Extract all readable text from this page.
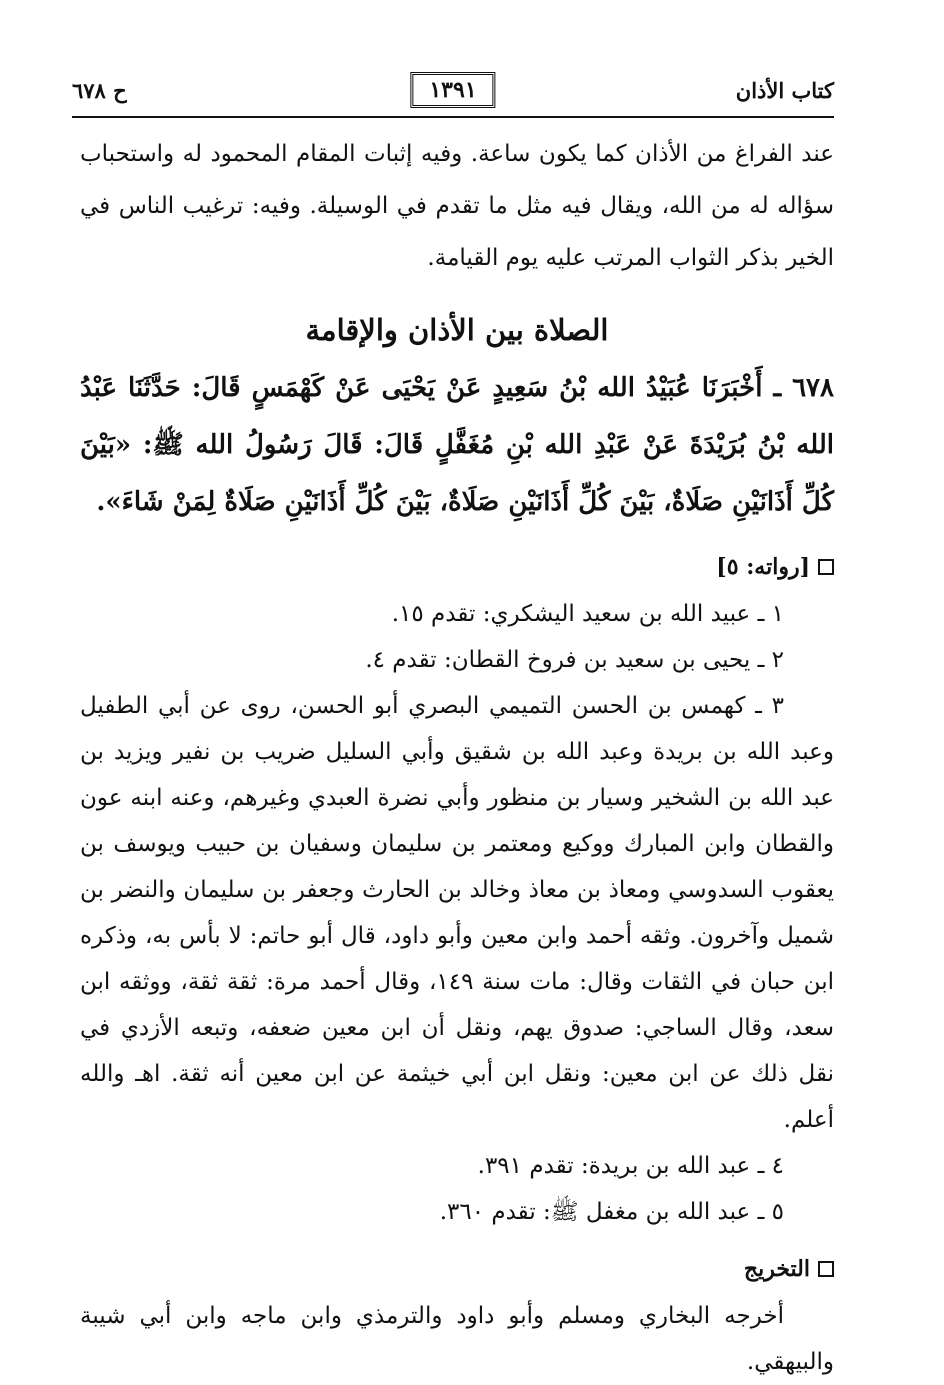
كتاب الأذان
١٣٩١
ح ٦٧٨

عند الفراغ من الأذان كما يكون ساعة. وفيه إثبات المقام المحمود له واستحباب سؤاله له من الله، ويقال فيه مثل ما تقدم في الوسيلة. وفيه: ترغيب الناس في الخير بذكر الثواب المرتب عليه يوم القيامة.

الصلاة بين الأذان والإقامة

٦٧٨ ـ أَخْبَرَنَا عُبَيْدُ الله بْنُ سَعِيدٍ عَنْ يَحْيَى عَنْ كَهْمَسٍ قَالَ: حَدَّثَنَا عَبْدُ الله بْنُ بُرَيْدَةَ عَنْ عَبْدِ الله بْنِ مُغَفَّلٍ قَالَ: قَالَ رَسُولُ الله ﷺ: «بَيْنَ كُلِّ أَذَانَيْنِ صَلَاةٌ، بَيْنَ كُلِّ أَذَانَيْنِ صَلَاةٌ، بَيْنَ كُلِّ أَذَانَيْنِ صَلَاةٌ لِمَنْ شَاءَ».

[رواته: ٥]

١ ـ عبيد الله بن سعيد اليشكري: تقدم ١٥.

٢ ـ يحيى بن سعيد بن فروخ القطان: تقدم ٤.

٣ ـ كهمس بن الحسن التميمي البصري أبو الحسن، روى عن أبي الطفيل وعبد الله بن بريدة وعبد الله بن شقيق وأبي السليل ضريب بن نفير ويزيد بن عبد الله بن الشخير وسيار بن منظور وأبي نضرة العبدي وغيرهم، وعنه ابنه عون والقطان وابن المبارك ووكيع ومعتمر بن سليمان وسفيان بن حبيب ويوسف بن يعقوب السدوسي ومعاذ بن معاذ وخالد بن الحارث وجعفر بن سليمان والنضر بن شميل وآخرون. وثقه أحمد وابن معين وأبو داود، قال أبو حاتم: لا بأس به، وذكره ابن حبان في الثقات وقال: مات سنة ١٤٩، وقال أحمد مرة: ثقة ثقة، ووثقه ابن سعد، وقال الساجي: صدوق يهم، ونقل أن ابن معين ضعفه، وتبعه الأزدي في نقل ذلك عن ابن معين: ونقل ابن أبي خيثمة عن ابن معين أنه ثقة. اهـ والله أعلم.

٤ ـ عبد الله بن بريدة: تقدم ٣٩١.

٥ ـ عبد الله بن مغفل ﷺ: تقدم ٣٦٠.

التخريج

أخرجه البخاري ومسلم وأبو داود والترمذي وابن ماجه وابن أبي شيبة والبيهقي.
